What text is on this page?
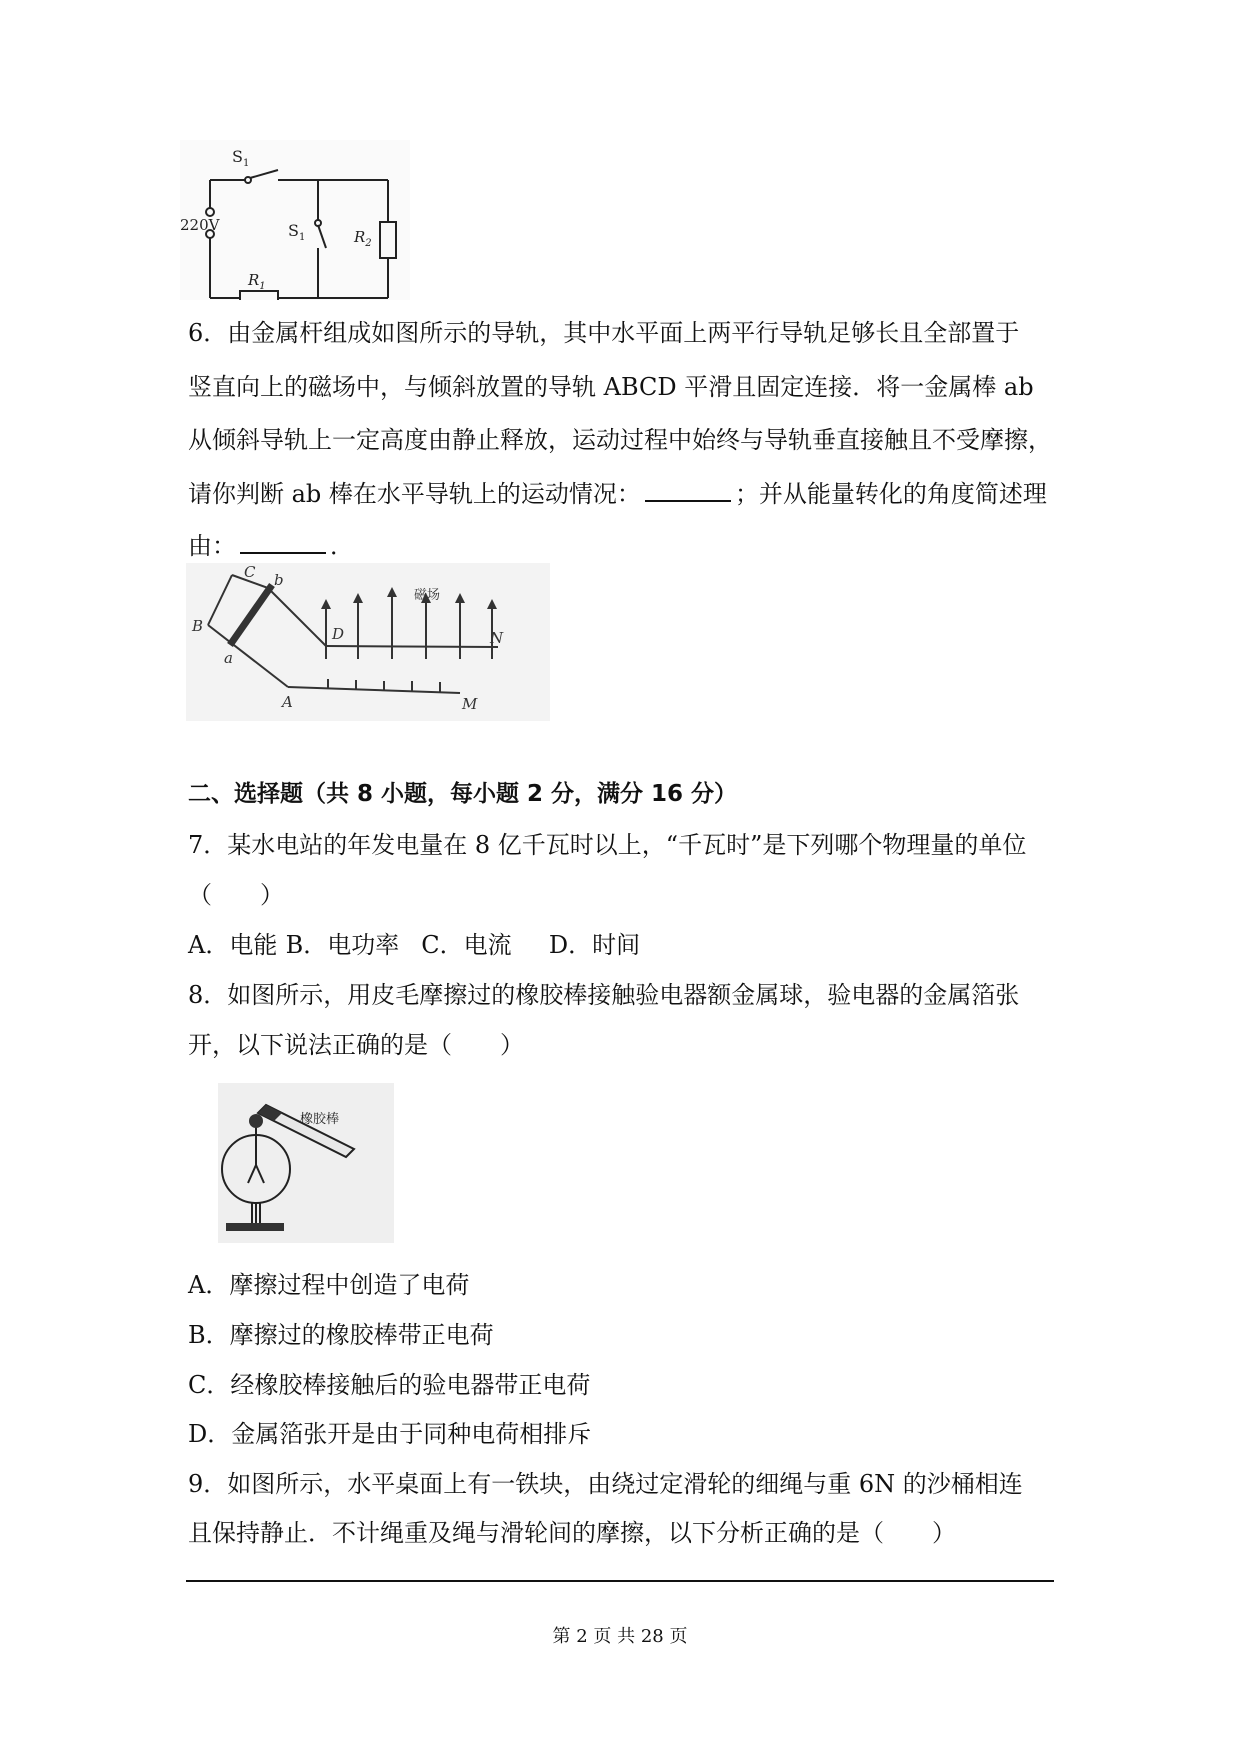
$S_1$
220V	$S_1$	$R_2$
$R_1$
6．由金属杆组成如图所示的导轨，其中水平面上两平行导轨足够长且全部置于
竖直向上的磁场中，与倾斜放置的导轨 ABCD 平滑且固定连接．将一金属棒 ab
从倾斜导轨上一定高度由静止释放，运动过程中始终与导轨垂直接触且不受摩擦，
请你判断 ab 棒在水平导轨上的运动情况：	；并从能量转化的角度简述理
由：	．
C b
B
a
D	N
A	M
磁场
二、选择题（共 8 小题，每小题 2 分，满分 16 分）
7．某水电站的年发电量在 8 亿千瓦时以上，“千瓦时”是下列哪个物理量的单位
（　　）
A．电能 B．电功率 C．电流 D．时间
8．如图所示，用皮毛摩擦过的橡胶棒接触验电器额金属球，验电器的金属箔张
开，以下说法正确的是（　　）
橡胶棒
A．摩擦过程中创造了电荷
B．摩擦过的橡胶棒带正电荷
C．经橡胶棒接触后的验电器带正电荷
D．金属箔张开是由于同种电荷相排斥
9．如图所示，水平桌面上有一铁块，由绕过定滑轮的细绳与重 6N 的沙桶相连
且保持静止．不计绳重及绳与滑轮间的摩擦，以下分析正确的是（　　）
第 2 页 共 28 页
